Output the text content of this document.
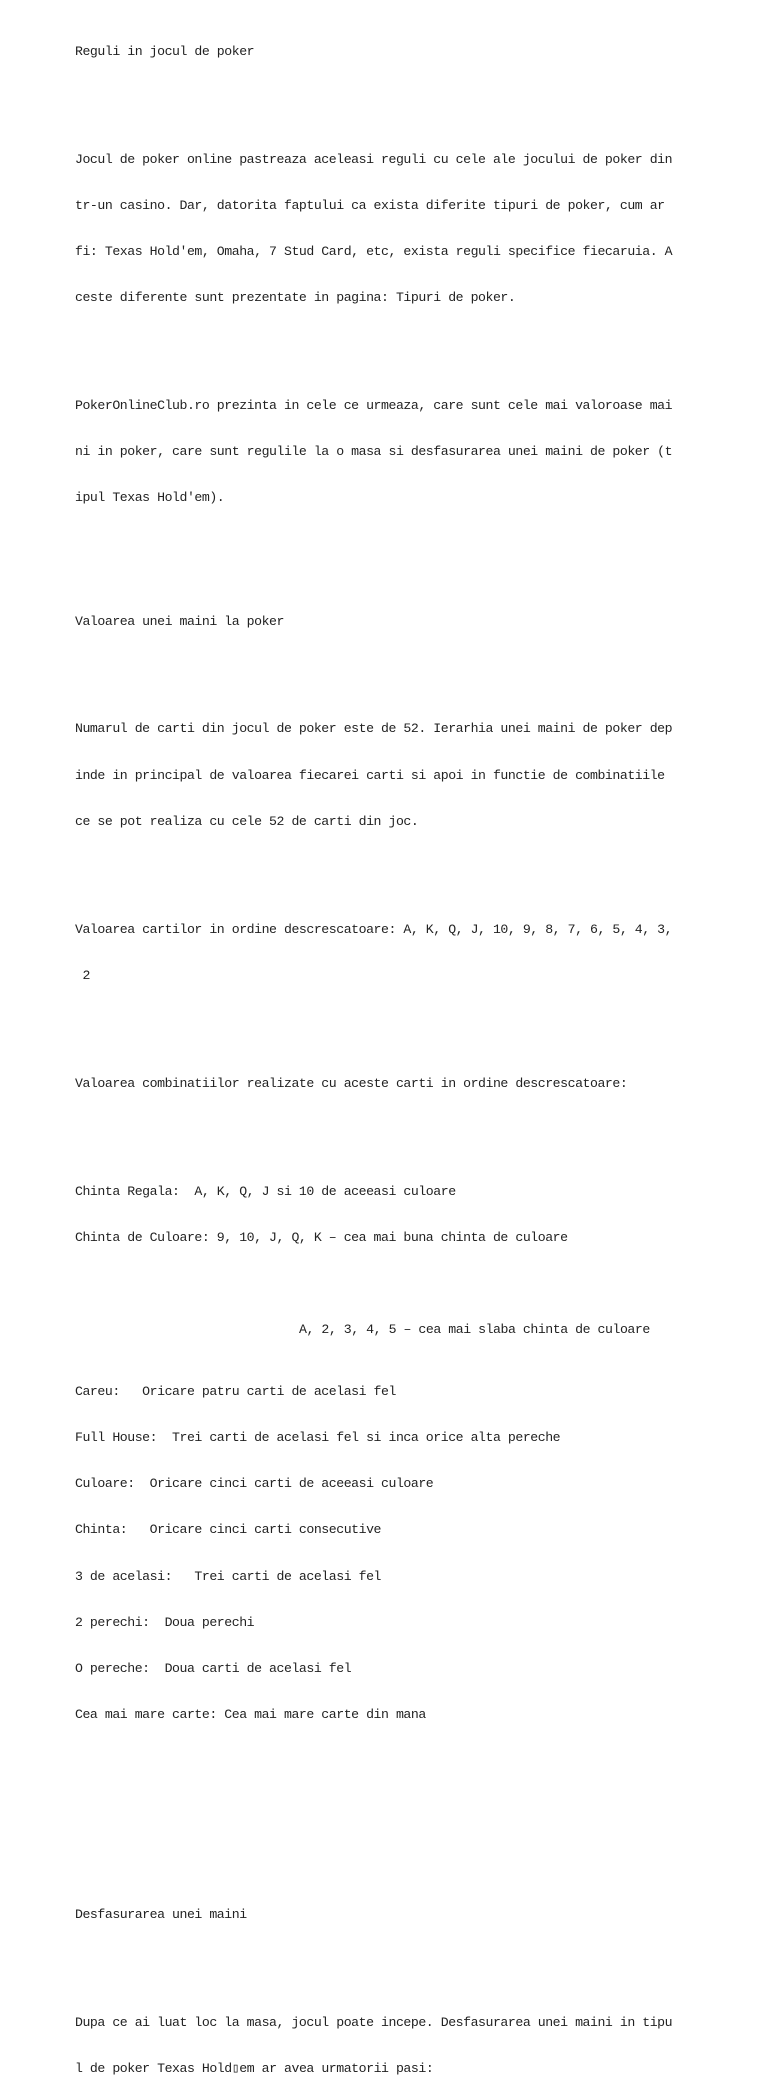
Reguli in jocul de poker

Jocul de poker online pastreaza aceleasi reguli cu cele ale jocului de poker din

tr-un casino. Dar, datorita faptului ca exista diferite tipuri de poker, cum ar

fi: Texas Hold'em, Omaha, 7 Stud Card, etc, exista reguli specifice fiecaruia. A

ceste diferente sunt prezentate in pagina: Tipuri de poker.

PokerOnlineClub.ro prezinta in cele ce urmeaza, care sunt cele mai valoroase mai

ni in poker, care sunt regulile la o masa si desfasurarea unei maini de poker (t

ipul Texas Hold'em).

Valoarea unei maini la poker

Numarul de carti din jocul de poker este de 52. Ierarhia unei maini de poker dep

inde in principal de valoarea fiecarei carti si apoi in functie de combinatiile

ce se pot realiza cu cele 52 de carti din joc.

Valoarea cartilor in ordine descrescatoare: A, K, Q, J, 10, 9, 8, 7, 6, 5, 4, 3,

2

Valoarea combinatiilor realizate cu aceste carti in ordine descrescatoare:

Chinta Regala:  A, K, Q, J si 10 de aceeasi culoare

Chinta de Culoare: 9, 10, J, Q, K – cea mai buna chinta de culoare

A, 2, 3, 4, 5 – cea mai slaba chinta de culoare

Careu:   Oricare patru carti de acelasi fel

Full House:  Trei carti de acelasi fel si inca orice alta pereche

Culoare:  Oricare cinci carti de aceeasi culoare

Chinta:   Oricare cinci carti consecutive

3 de acelasi:   Trei carti de acelasi fel

2 perechi:  Doua perechi

O pereche:  Doua carti de acelasi fel

Cea mai mare carte: Cea mai mare carte din mana

Desfasurarea unei maini

Dupa ce ai luat loc la masa, jocul poate incepe. Desfasurarea unei maini in tipu

l de poker Texas Hold▯em ar avea urmatorii pasi:
